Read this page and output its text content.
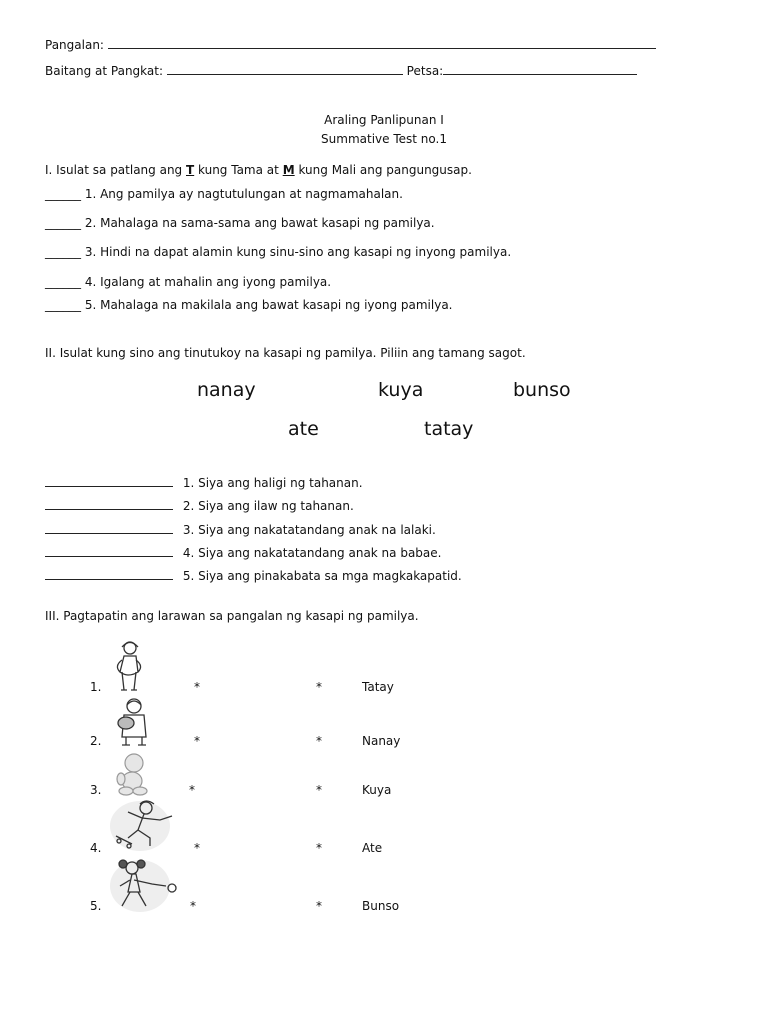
Pangalan:
Baitang at Pangkat:	Petsa:
Araling Panlipunan I
Summative Test no.1
I. Isulat sa patlang ang T kung Tama at M kung Mali ang pangungusap.
______ 1. Ang pamilya ay nagtutulungan at nagmamahalan.
______ 2. Mahalaga na sama-sama ang bawat kasapi ng pamilya.
______ 3. Hindi na dapat alamin kung sinu-sino ang kasapi ng inyong pamilya.
______ 4. Igalang at mahalin ang iyong pamilya.
______ 5. Mahalaga na makilala ang bawat kasapi ng iyong pamilya.
II. Isulat kung sino ang tinutukoy na kasapi ng pamilya. Piliin ang tamang sagot.
nanay	kuya	bunso
ate	tatay
1. Siya ang haligi ng tahanan.
2. Siya ang ilaw ng tahanan.
3. Siya ang nakatatandang anak na lalaki.
4. Siya ang nakatatandang anak na babae.
5. Siya ang pinakabata sa mga magkakapatid.
III. Pagtapatin ang larawan sa pangalan ng kasapi ng pamilya.
1.	*	*	Tatay
2.	*	*	Nanay
3.	*	*	Kuya
4.	*	*	Ate
5.	*	*	Bunso
